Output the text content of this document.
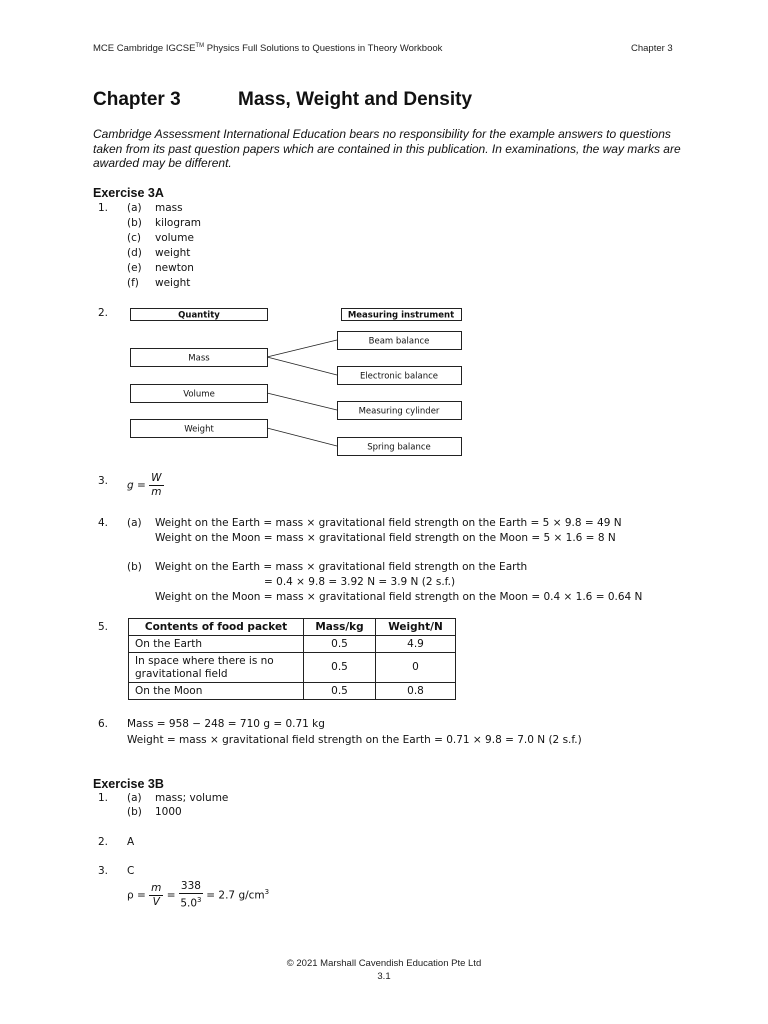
MCE Cambridge IGCSE™ Physics Full Solutions to Questions in Theory Workbook	Chapter 3
Chapter 3	Mass, Weight and Density
Cambridge Assessment International Education bears no responsibility for the example answers to questions taken from its past question papers which are contained in this publication. In examinations, the way marks are awarded may be different.
Exercise 3A
1. (a) mass
(b) kilogram
(c) volume
(d) weight
(e) newton
(f) weight
2.	Quantity	Measuring instrument
Mass
Volume
Weight
Beam balance
Electronic balance
Measuring cylinder
Spring balance
3. $g = \frac{W}{m}$
4. (a) Weight on the Earth = mass × gravitational field strength on the Earth = 5 × 9.8 = 49 N
Weight on the Moon = mass × gravitational field strength on the Moon = 5 × 1.6 = 8 N
(b) Weight on the Earth = mass × gravitational field strength on the Earth
= 0.4 × 9.8 = 3.92 N = 3.9 N (2 s.f.)
Weight on the Moon = mass × gravitational field strength on the Moon = 0.4 × 1.6 = 0.64 N
5.	Contents of food packet	Mass/kg	Weight/N
On the Earth	0.5	4.9

In space where there is no
gravitational field	0.5	0
On the Moon	0.5	0.8
6. Mass = 958 − 248 = 710 g = 0.71 kg
Weight = mass × gravitational field strength on the Earth = 0.71 × 9.8 = 7.0 N (2 s.f.)
Exercise 3B
1. (a) mass; volume
(b) 1000
2. A
3. C
$\rho = \frac{m}{V} = \frac{338}{5.0^3} = 2.7$ $g/cm^3$
© 2021 Marshall Cavendish Education Pte Ltd
3.1
